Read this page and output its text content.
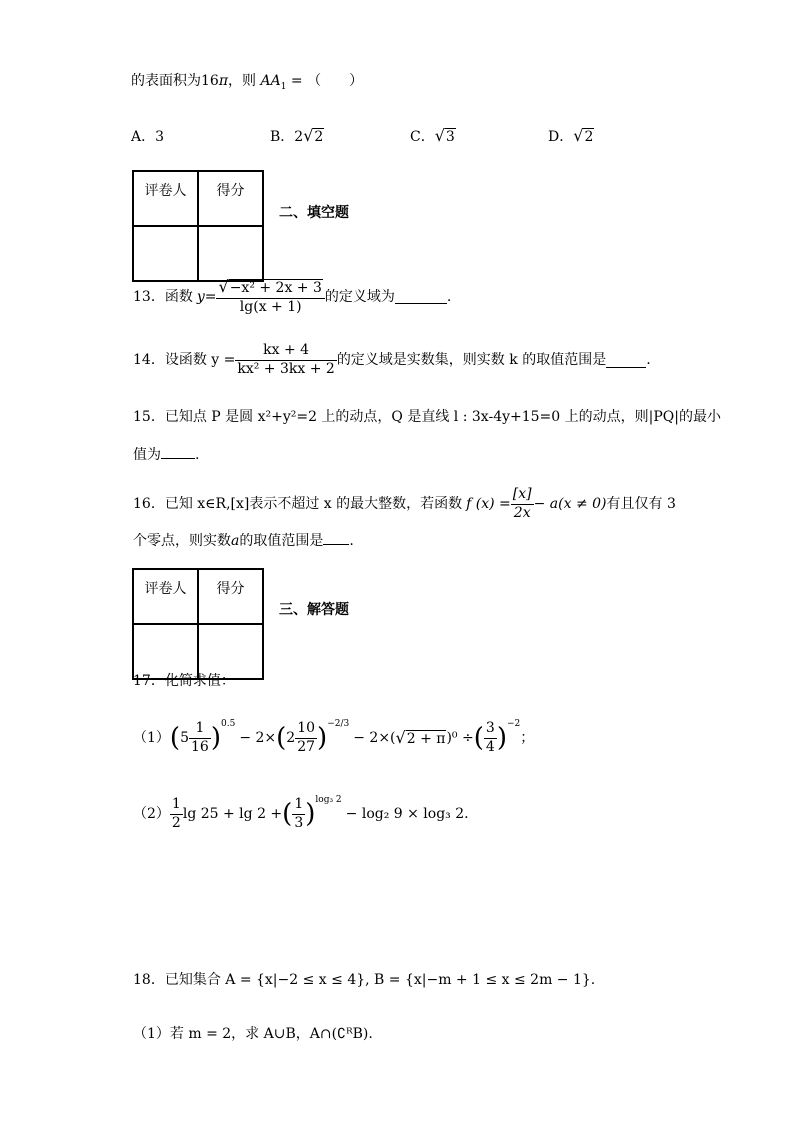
的表面积为16π，则 $AA_1$ = （　　）
A．3	B．2√2	C．√3	D．√2
评卷人	得分

二、填空题
13．函数 $y = \frac{\text{√−x² + 2x + 3}}{\lg(x + 1)}$ 的定义域为	.
14．设函数 $y = \frac{kx + 4}{\text{kx² + 3kx + 2}}$ 的定义域是实数集，则实数 k 的取值范围是	.
15．已知点 P 是圆 x²+y²=2 上的动点，Q 是直线 l : 3x-4y+15=0 上的动点，则|PQ|的最小
值为 .
16．已知 x∈R,[x]表示不超过 x 的最大整数，若函数 f $(x) = \frac{[x]}{2x} - a(x \ne 0)$ 有且仅有 3
个零点，则实数a的取值范围是 .
评卷人	得分

三、解答题
17．化简求值：
（1） ( $5 \frac{1}{16} )^{0.5}$
− 2× ( $2 \frac{10}{27} )^{-2/3}$
− 2×( √2 + π )⁰ ÷ ( $\frac{3}{4} )^{-2}$
；
$(2) \frac{1}{2}$ lg 25 + lg 2 + ( $\frac{1}{3} )^{log_3 2}$
− log₂ 9 × log₃ 2 .
18．已知集合 A = {x|−2 ≤ x ≤ 4}, B = {x|−m + 1 ≤ x ≤ 2m − 1}.
（1）若 m = 2，求 A∪B，A∩(∁ᴿB).
